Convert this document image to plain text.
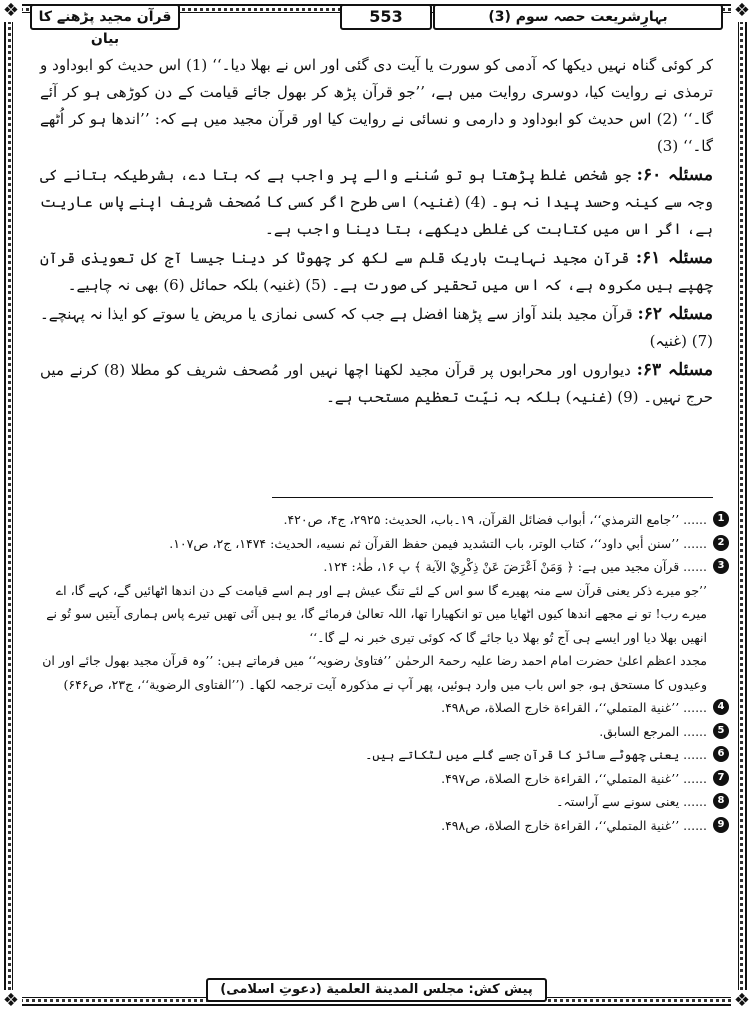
❖	❖
❖	❖
بہارِشریعت حصہ سوم (3)
553
قرآن مجید پڑھنے کا بیان

کر کوئی گناہ نہیں دیکھا کہ آدمی کو سورت یا آیت دی گئی اور اس نے بھلا دیا۔‘‘ (1) اس حدیث کو ابوداود و ترمذی نے روایت کیا، دوسری روایت میں ہے، ’’جو قرآن پڑھ کر بھول جائے قیامت کے دن کوڑھی ہو کر آئے گا۔‘‘ (2) اس حدیث کو ابوداود و دارمی و نسائی نے روایت کیا اور قرآن مجید میں ہے کہ: ’’اندھا ہو کر اُٹھے گا۔‘‘ (3)

مسئلہ ۶۰: جو شخص غلط پڑھتا ہو تو سُننے والے پر واجب ہے کہ بتا دے، بشرطیکہ بتانے کی وجہ سے کینہ وحسد پیدا نہ ہو۔ (4) (غنیہ) اسی طرح اگر کسی کا مُصحف شریف اپنے پاس عاریت ہے، اگر اس میں کتابت کی غلطی دیکھے، بتا دینا واجب ہے۔

مسئلہ ۶۱: قرآن مجید نہایت باریک قلم سے لکھ کر چھوٹا کر دینا جیسا آج کل تعویذی قرآن چھپے ہیں مکروہ ہے، کہ اس میں تحقیر کی صورت ہے۔ (5) (غنیہ) بلکہ حمائل (6) بھی نہ چاہیے۔

مسئلہ ۶۲: قرآن مجید بلند آواز سے پڑھنا افضل ہے جب کہ کسی نمازی یا مریض یا سوتے کو ایذا نہ پہنچے۔ (7) (غنیہ)

مسئلہ ۶۳: دیواروں اور محرابوں پر قرآن مجید لکھنا اچھا نہیں اور مُصحف شریف کو مطلا (8) کرنے میں حرج نہیں۔ (9) (غنیہ) بلکہ بہ نیّت تعظیم مستحب ہے۔

1
...... ’’جامع الترمذي‘‘، أبواب فضائل القرآن، ۱۹۔باب، الحديث: ۲۹۲۵، ج۴، ص۴۲۰.
2
...... ’’سنن أبي داود‘‘، كتاب الوتر، باب التشديد فيمن حفظ القرآن ثم نسيه، الحديث: ۱۴۷۴، ج۲، ص۱۰۷.
3
...... قرآن مجید میں ہے: ﴿ وَمَنْ اَعْرَضَ عَنْ ذِكْرِيْ الآية ﴾ پ ۱۶، طٰہٰ: ۱۲۴.
’’جو میرے ذکر یعنی قرآن سے منہ پھیرے گا سو اس کے لئے تنگ عیش ہے اور ہم اسے قیامت کے دن اندھا اٹھائیں گے، کہے گا، اے میرے رب! تو نے مجھے اندھا کیوں اٹھایا میں تو انکھیارا تھا، اللہ تعالیٰ فرمائے گا، یو ہیں آئی تھیں تیرے پاس ہماری آیتیں سو تُو نے انھیں بھلا دیا اور ایسے ہی آج تُو بھلا دیا جائے گا کہ کوئی تیری خبر نہ لے گا۔‘‘
مجدد اعظم اعلیٰ حضرت امام احمد رضا علیہ رحمۃ الرحمٰن ’’فتاویٰ رضویہ‘‘ میں فرماتے ہیں: ’’وہ قرآن مجید بھول جائے اور ان وعیدوں کا مستحق ہو، جو اس باب میں وارد ہوئیں، پھر آپ نے مذکورہ آیت ترجمہ لکھا۔ (’’الفتاوى الرضوية‘‘، ج۲۳، ص۶۴۶)
4
...... ’’غنية المتملي‘‘، القراءة خارج الصلاة، ص۴۹۸.
5
...... المرجع السابق.
6
...... یعنی چھوٹے سائز کا قرآن جسے گلے میں لٹکاتے ہیں۔
7
...... ’’غنية المتملي‘‘، القراءة خارج الصلاة، ص۴۹۷.
8
...... یعنی سونے سے آراستہ۔
9
...... ’’غنية المتملي‘‘، القراءة خارج الصلاة، ص۴۹۸.
پیش کش: مجلس المدينة العلمية (دعوتِ اسلامی)
